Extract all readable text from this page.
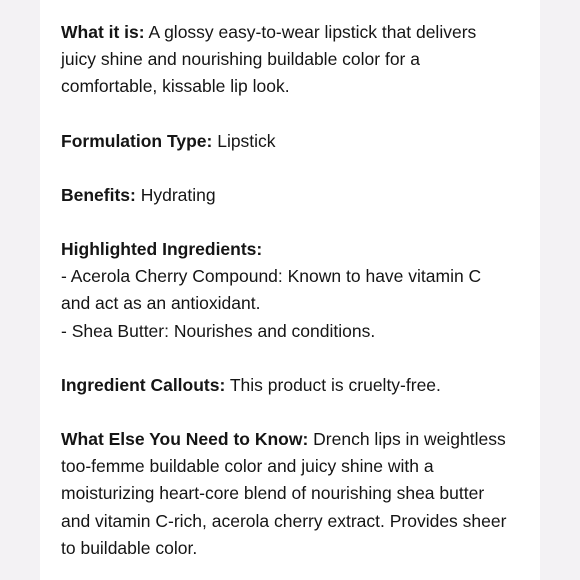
What it is: A glossy easy-to-wear lipstick that delivers
juicy shine and nourishing buildable color for a
comfortable, kissable lip look.
Formulation Type: Lipstick
Benefits: Hydrating
Highlighted Ingredients:
- Acerola Cherry Compound: Known to have vitamin C
and act as an antioxidant.
- Shea Butter: Nourishes and conditions.
Ingredient Callouts: This product is cruelty-free.
What Else You Need to Know: Drench lips in weightless
too-femme buildable color and juicy shine with a
moisturizing heart-core blend of nourishing shea butter
and vitamin C-rich, acerola cherry extract. Provides sheer
to buildable color.
